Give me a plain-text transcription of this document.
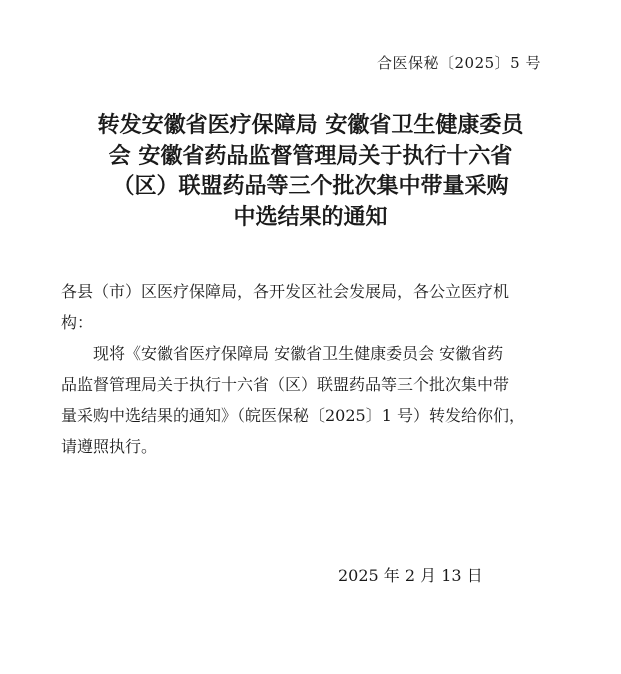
合医保秘〔2025〕5 号
转发安徽省医疗保障局 安徽省卫生健康委员
会 安徽省药品监督管理局关于执行十六省
（区）联盟药品等三个批次集中带量采购
中选结果的通知
各县（市）区医疗保障局，各开发区社会发展局，各公立医疗机
构：
现将《安徽省医疗保障局 安徽省卫生健康委员会 安徽省药
品监督管理局关于执行十六省（区）联盟药品等三个批次集中带
量采购中选结果的通知》（皖医保秘〔2025〕1 号）转发给你们，
请遵照执行。
2025 年 2 月 13 日
